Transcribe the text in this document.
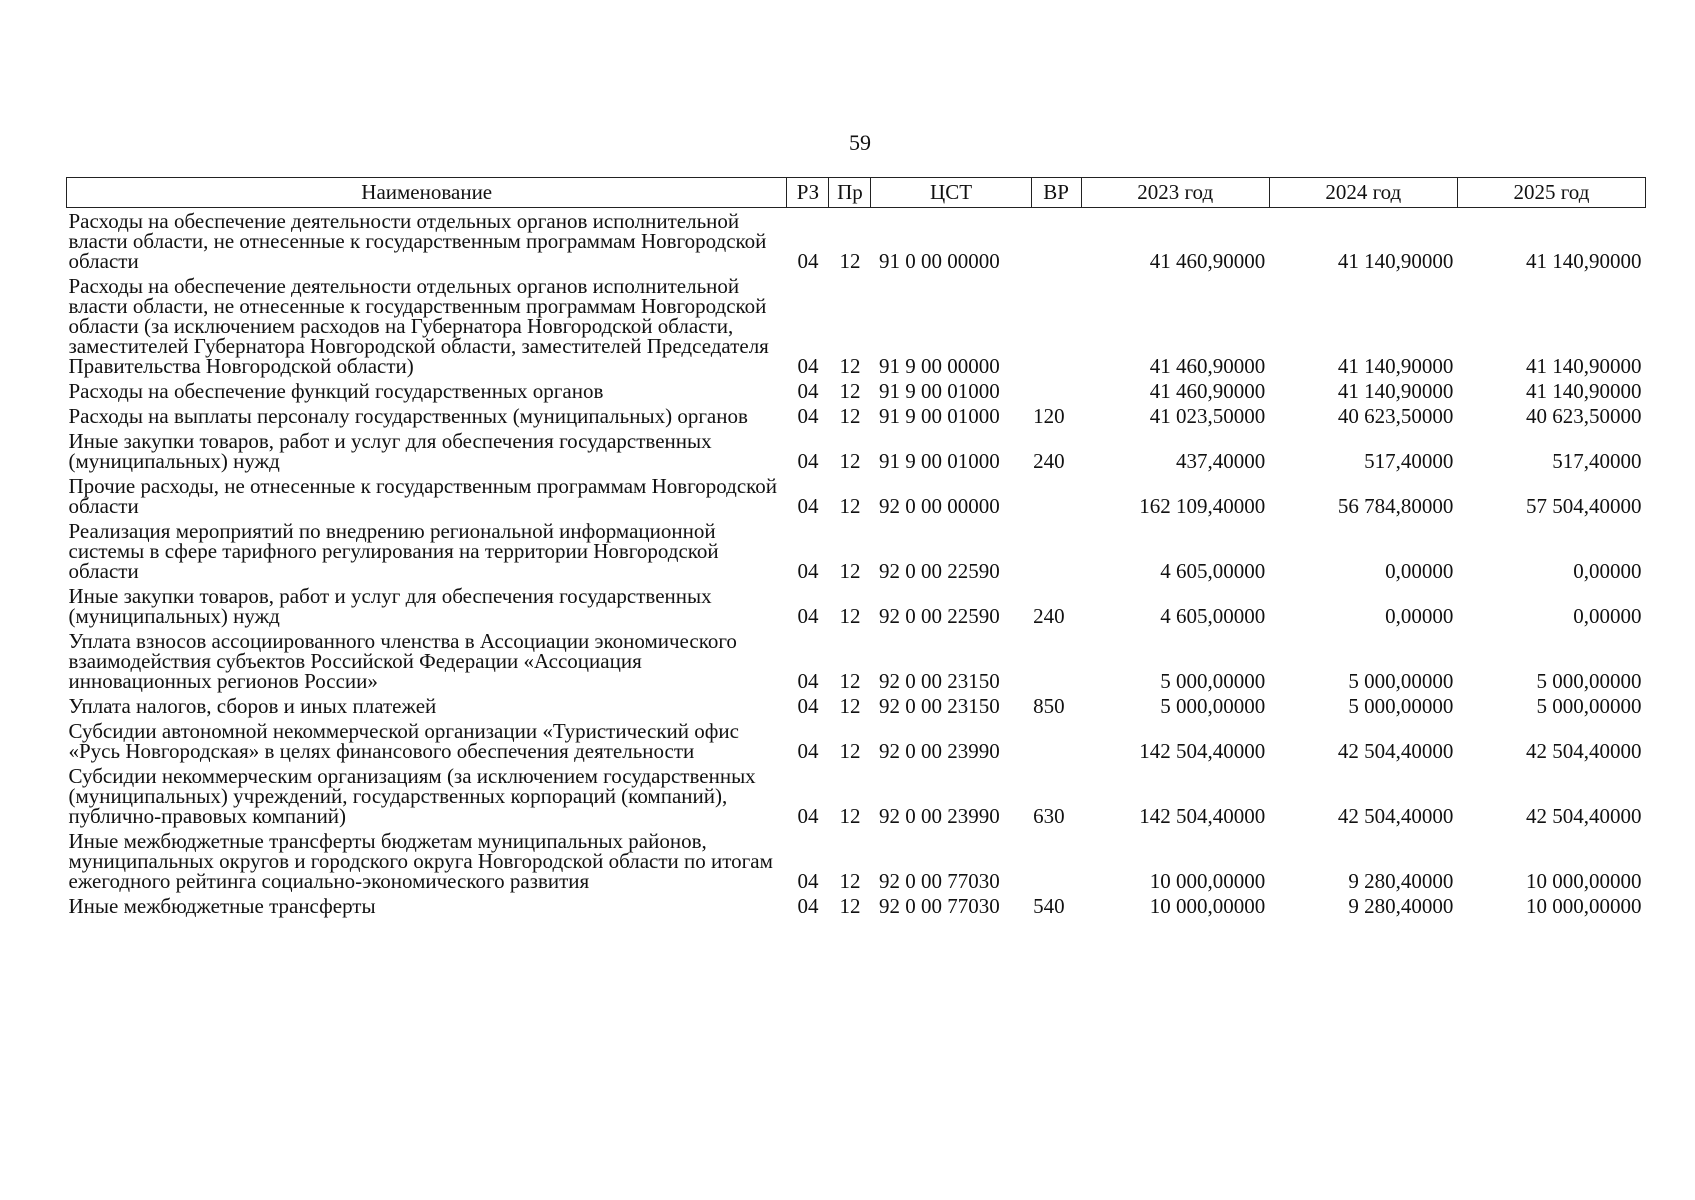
59
Наименование	РЗ	Пр	ЦСТ	ВР	2023 год	2024 год	2025 год
Расходы на обеспечение деятельности отдельных органов исполнительной власти области, не отнесенные к государственным программам Новгородской области	04	12	91 0 00 00000		41 460,90000	41 140,90000	41 140,90000
Расходы на обеспечение деятельности отдельных органов исполнительной власти области, не отнесенные к государственным программам Новгородской области (за исключением расходов на Губернатора Новгородской области, заместителей Губернатора Новгородской области, заместителей Председателя Правительства Новгородской области)	04	12	91 9 00 00000		41 460,90000	41 140,90000	41 140,90000
Расходы на обеспечение функций государственных органов	04	12	91 9 00 01000		41 460,90000	41 140,90000	41 140,90000
Расходы на выплаты персоналу государственных (муниципальных) органов	04	12	91 9 00 01000	120	41 023,50000	40 623,50000	40 623,50000
Иные закупки товаров, работ и услуг для обеспечения государственных (муниципальных) нужд	04	12	91 9 00 01000	240	437,40000	517,40000	517,40000
Прочие расходы, не отнесенные к государственным программам Новгородской области	04	12	92 0 00 00000		162 109,40000	56 784,80000	57 504,40000
Реализация мероприятий по внедрению региональной информационной системы в сфере тарифного регулирования на территории Новгородской области	04	12	92 0 00 22590		4 605,00000	0,00000	0,00000
Иные закупки товаров, работ и услуг для обеспечения государственных (муниципальных) нужд	04	12	92 0 00 22590	240	4 605,00000	0,00000	0,00000
Уплата взносов ассоциированного членства в Ассоциации экономического взаимодействия субъектов Российской Федерации «Ассоциация инновационных регионов России»	04	12	92 0 00 23150		5 000,00000	5 000,00000	5 000,00000
Уплата налогов, сборов и иных платежей	04	12	92 0 00 23150	850	5 000,00000	5 000,00000	5 000,00000
Субсидии автономной некоммерческой организации «Туристический офис «Русь Новгородская» в целях финансового обеспечения деятельности	04	12	92 0 00 23990		142 504,40000	42 504,40000	42 504,40000
Субсидии некоммерческим организациям (за исключением государственных (муниципальных) учреждений, государственных корпораций (компаний), публично-правовых компаний)	04	12	92 0 00 23990	630	142 504,40000	42 504,40000	42 504,40000
Иные межбюджетные трансферты бюджетам муниципальных районов, муниципальных округов и городского округа Новгородской области по итогам ежегодного рейтинга социально-экономического развития	04	12	92 0 00 77030		10 000,00000	9 280,40000	10 000,00000
Иные межбюджетные трансферты	04	12	92 0 00 77030	540	10 000,00000	9 280,40000	10 000,00000
